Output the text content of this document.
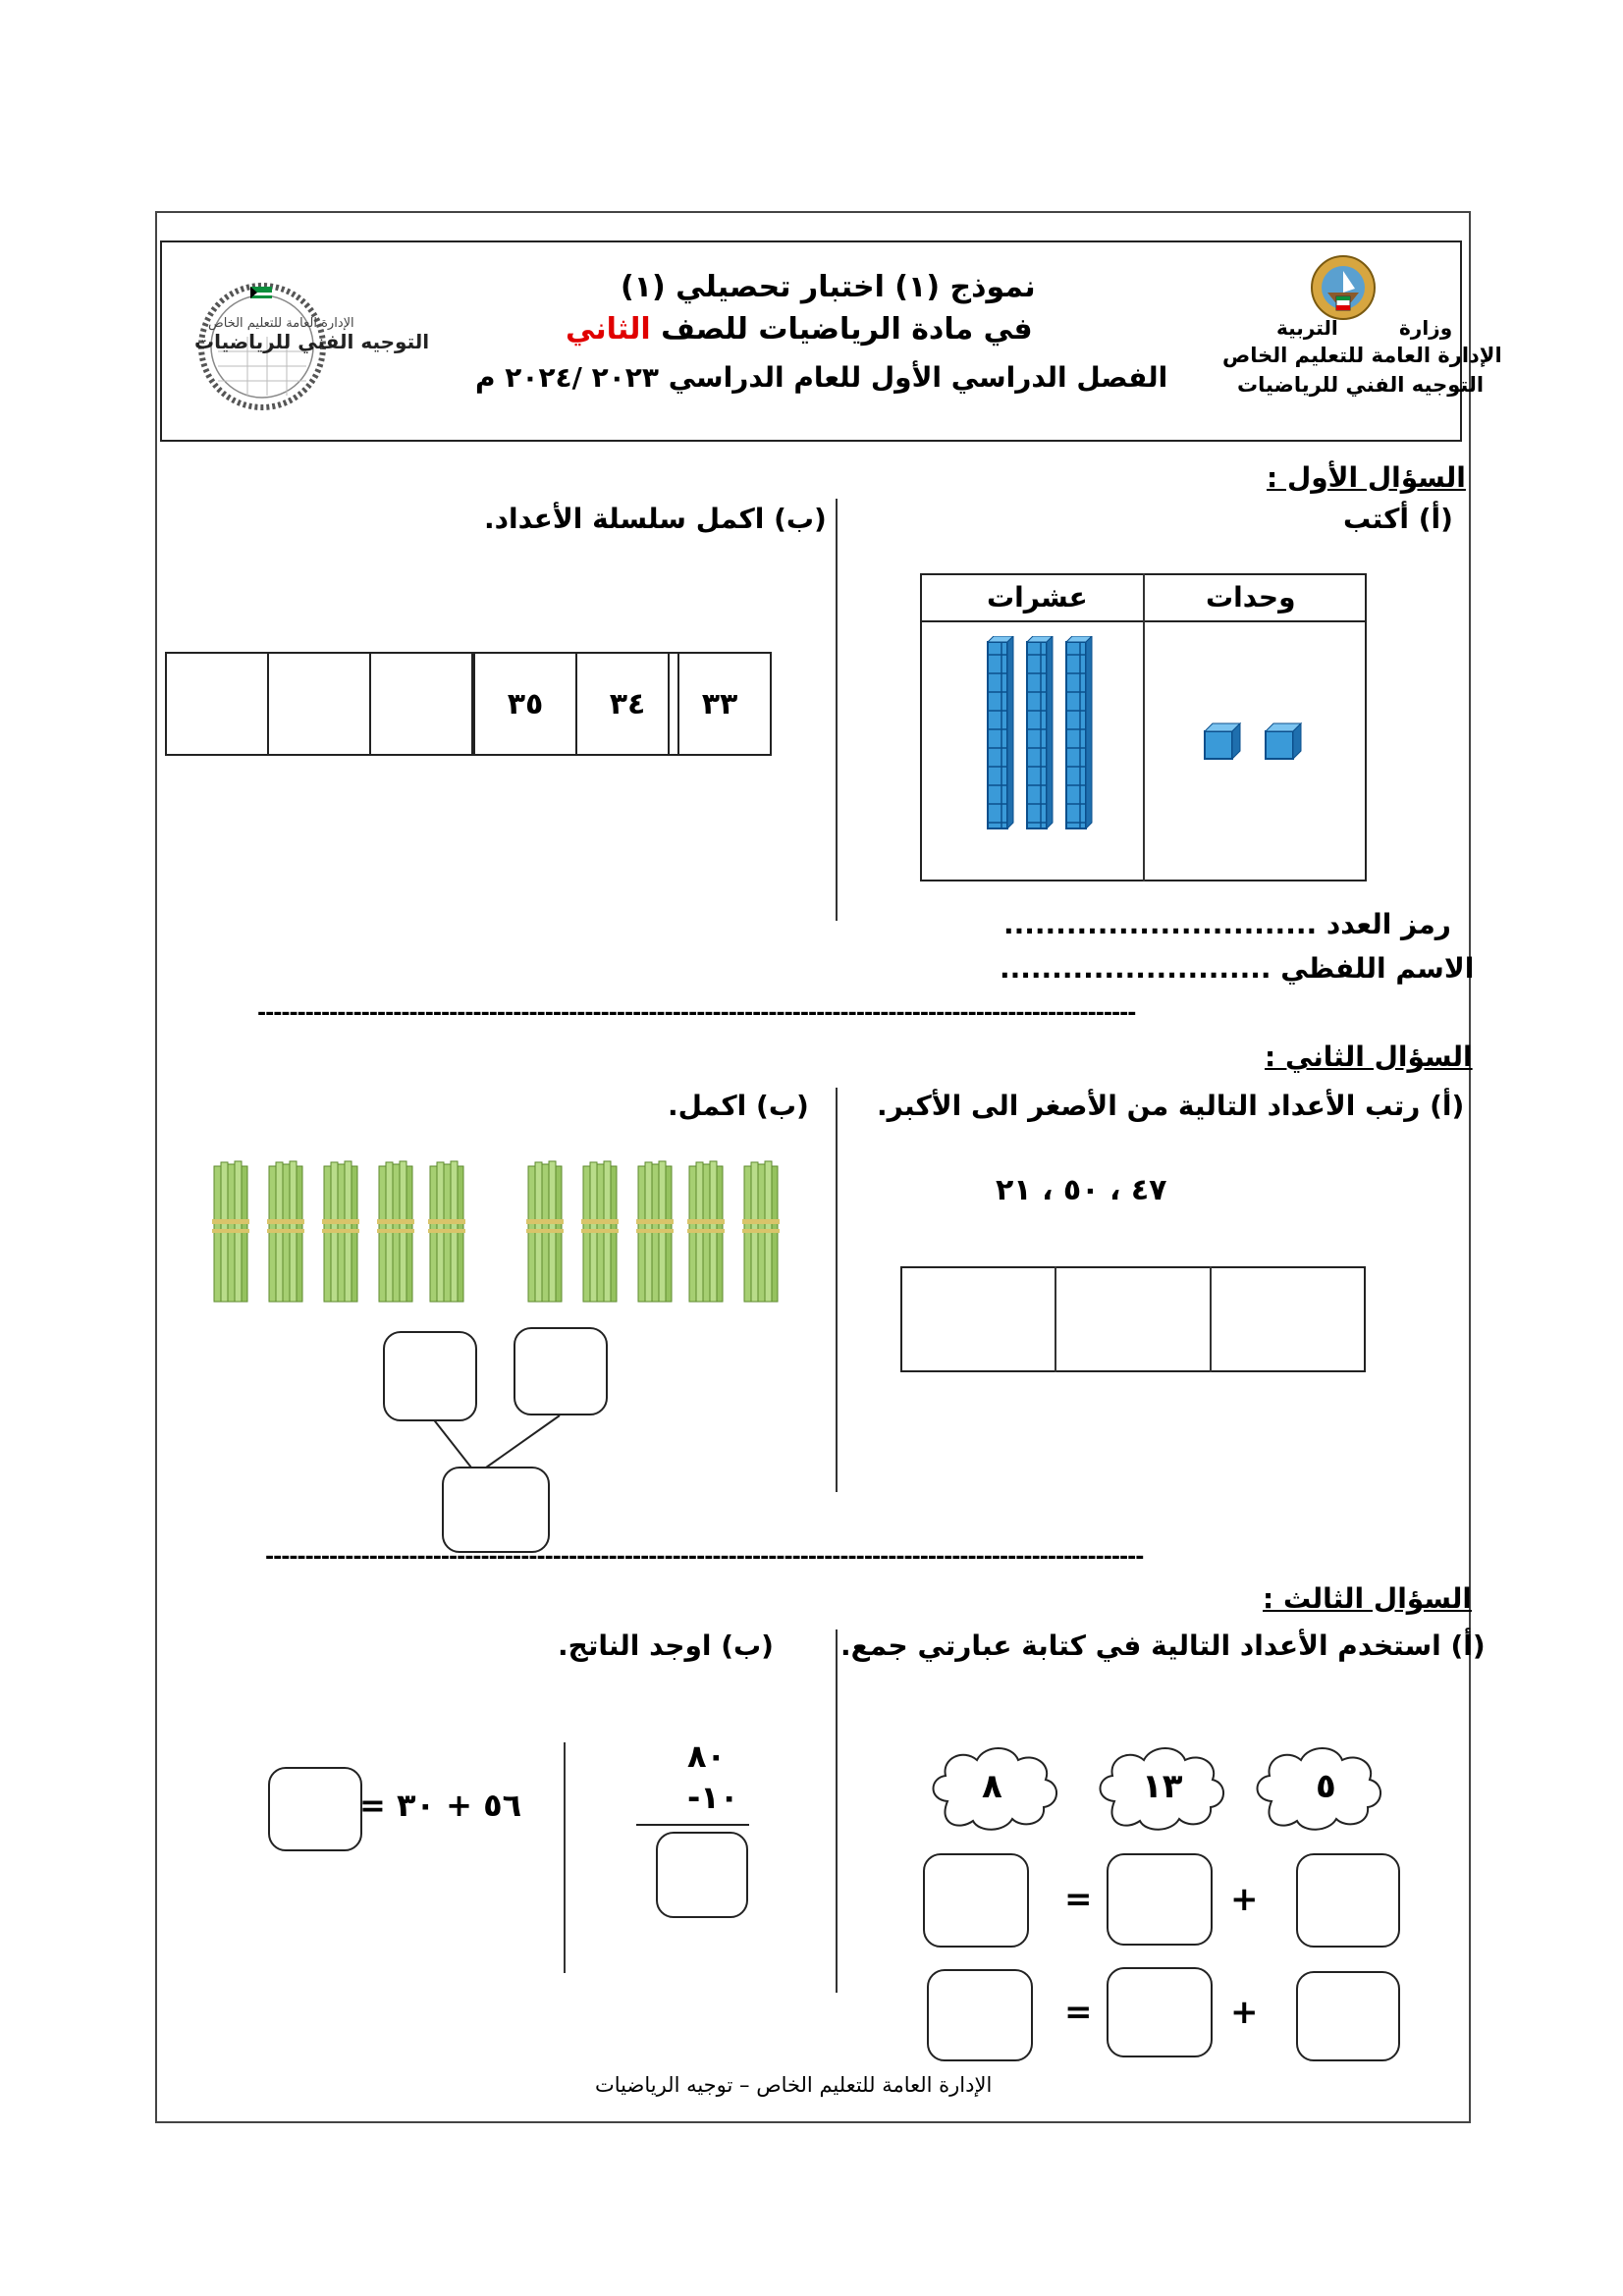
وزارة
التربية
الإدارة العامة للتعليم الخاص
التوجيه الفني للرياضيات
نموذج (١) اختبار تحصيلي (١)
في مادة الرياضيات للصف الثاني
الفصل الدراسي الأول للعام الدراسي ٢٠٢٣ /٢٠٢٤ م
الإدارة العامة للتعليم الخاص
التوجيه الفني للرياضيات
السؤال الأول :
(أ) أكتب
(ب) اكمل سلسلة الأعداد.
وحدات
عشرات
رمز العدد ..............................
الاسم اللفظي ..........................
٣٣
٣٤
٣٥
--------------------------------------------------------------------------------------------------------------
السؤال الثاني :
(أ) رتب الأعداد التالية من الأصغر الى الأكبر.
(ب) اكمل.
٤٧ ، ٥٠ ، ٢١
--------------------------------------------------------------------------------------------------------------
السؤال الثالث :
(أ) استخدم الأعداد التالية في كتابة عبارتي جمع.
(ب) اوجد الناتج.
٥
١٣
٨
+
=
+
=
٨٠
-١٠
٥٦ + ٣٠ =
الإدارة العامة للتعليم الخاص – توجيه الرياضيات
